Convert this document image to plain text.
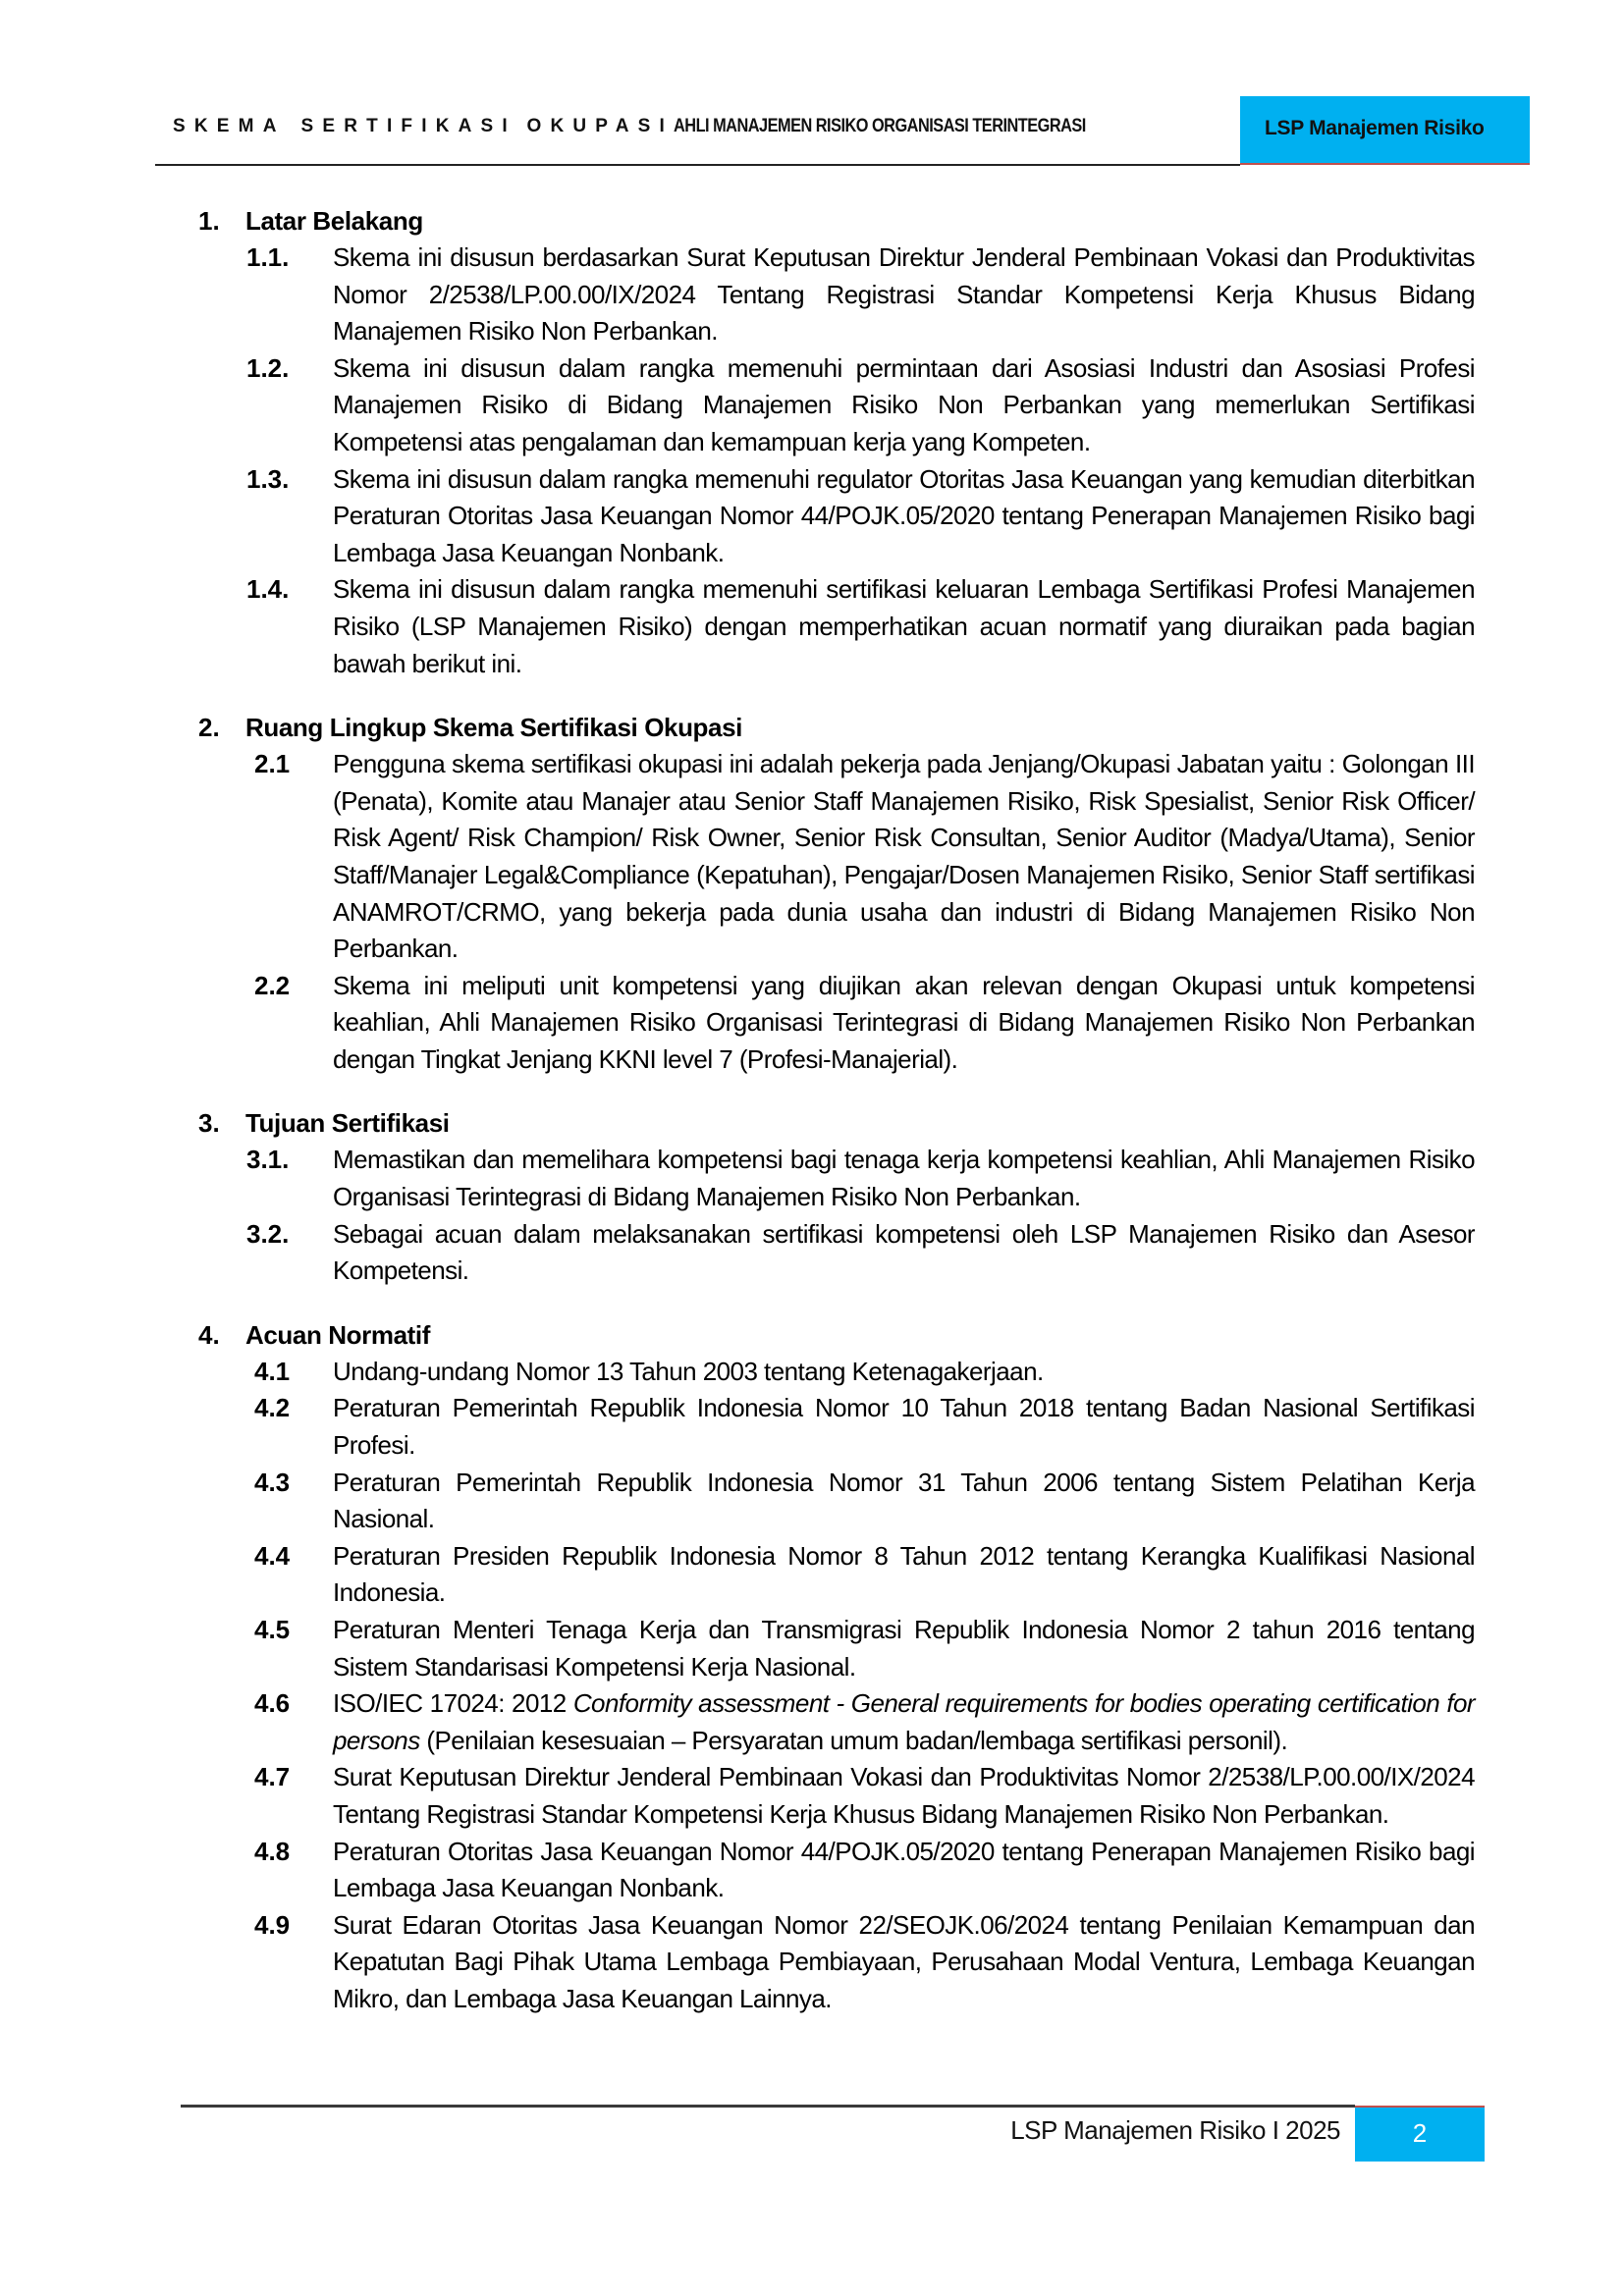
SKEMA SERTIFIKASI OKUPASIAHLI MANAJEMEN RISIKO ORGANISASI TERINTEGRASI	LSP Manajemen Risiko
1. Latar Belakang
1.1. Skema ini disusun berdasarkan Surat Keputusan Direktur Jenderal Pembinaan Vokasi dan Produktivitas Nomor 2/2538/LP.00.00/IX/2024 Tentang Registrasi Standar Kompetensi Kerja Khusus Bidang Manajemen Risiko Non Perbankan.
1.2. Skema ini disusun dalam rangka memenuhi permintaan dari Asosiasi Industri dan Asosiasi Profesi Manajemen Risiko di Bidang Manajemen Risiko Non Perbankan yang memerlukan Sertifikasi Kompetensi atas pengalaman dan kemampuan kerja yang Kompeten.
1.3. Skema ini disusun dalam rangka memenuhi regulator Otoritas Jasa Keuangan yang kemudian diterbitkan Peraturan Otoritas Jasa Keuangan Nomor 44/POJK.05/2020 tentang Penerapan Manajemen Risiko bagi Lembaga Jasa Keuangan Nonbank.
1.4. Skema ini disusun dalam rangka memenuhi sertifikasi keluaran Lembaga Sertifikasi Profesi Manajemen Risiko (LSP Manajemen Risiko) dengan memperhatikan acuan normatif yang diuraikan pada bagian bawah berikut ini.
2. Ruang Lingkup Skema Sertifikasi Okupasi
2.1 Pengguna skema sertifikasi okupasi ini adalah pekerja pada Jenjang/Okupasi Jabatan yaitu : Golongan III (Penata), Komite atau Manajer atau Senior Staff Manajemen Risiko, Risk Spesialist, Senior Risk Officer/ Risk Agent/ Risk Champion/ Risk Owner, Senior Risk Consultan, Senior Auditor (Madya/Utama), Senior Staff/Manajer Legal&Compliance (Kepatuhan), Pengajar/Dosen Manajemen Risiko, Senior Staff sertifikasi ANAMROT/CRMO, yang bekerja pada dunia usaha dan industri di Bidang Manajemen Risiko Non Perbankan.
2.2 Skema ini meliputi unit kompetensi yang diujikan akan relevan dengan Okupasi untuk kompetensi keahlian, Ahli Manajemen Risiko Organisasi Terintegrasi di Bidang Manajemen Risiko Non Perbankan dengan Tingkat Jenjang KKNI level 7 (Profesi-Manajerial).
3. Tujuan Sertifikasi
3.1. Memastikan dan memelihara kompetensi bagi tenaga kerja kompetensi keahlian, Ahli Manajemen Risiko Organisasi Terintegrasi di Bidang Manajemen Risiko Non Perbankan.
3.2. Sebagai acuan dalam melaksanakan sertifikasi kompetensi oleh LSP Manajemen Risiko dan Asesor Kompetensi.
4. Acuan Normatif
4.1 Undang-undang Nomor 13 Tahun 2003 tentang Ketenagakerjaan.
4.2 Peraturan Pemerintah Republik Indonesia Nomor 10 Tahun 2018 tentang Badan Nasional Sertifikasi Profesi.
4.3 Peraturan Pemerintah Republik Indonesia Nomor 31 Tahun 2006 tentang Sistem Pelatihan Kerja Nasional.
4.4 Peraturan Presiden Republik Indonesia Nomor 8 Tahun 2012 tentang Kerangka Kualifikasi Nasional Indonesia.
4.5 Peraturan Menteri Tenaga Kerja dan Transmigrasi Republik Indonesia Nomor 2 tahun 2016 tentang Sistem Standarisasi Kompetensi Kerja Nasional.
4.6 ISO/IEC 17024: 2012 Conformity assessment - General requirements for bodies operating certification for persons (Penilaian kesesuaian – Persyaratan umum badan/lembaga sertifikasi personil).
4.7 Surat Keputusan Direktur Jenderal Pembinaan Vokasi dan Produktivitas Nomor 2/2538/LP.00.00/IX/2024 Tentang Registrasi Standar Kompetensi Kerja Khusus Bidang Manajemen Risiko Non Perbankan.
4.8 Peraturan Otoritas Jasa Keuangan Nomor 44/POJK.05/2020 tentang Penerapan Manajemen Risiko bagi Lembaga Jasa Keuangan Nonbank.
4.9 Surat Edaran Otoritas Jasa Keuangan Nomor 22/SEOJK.06/2024 tentang Penilaian Kemampuan dan Kepatutan Bagi Pihak Utama Lembaga Pembiayaan, Perusahaan Modal Ventura, Lembaga Keuangan Mikro, dan Lembaga Jasa Keuangan Lainnya.
LSP Manajemen Risiko I 2025	2
